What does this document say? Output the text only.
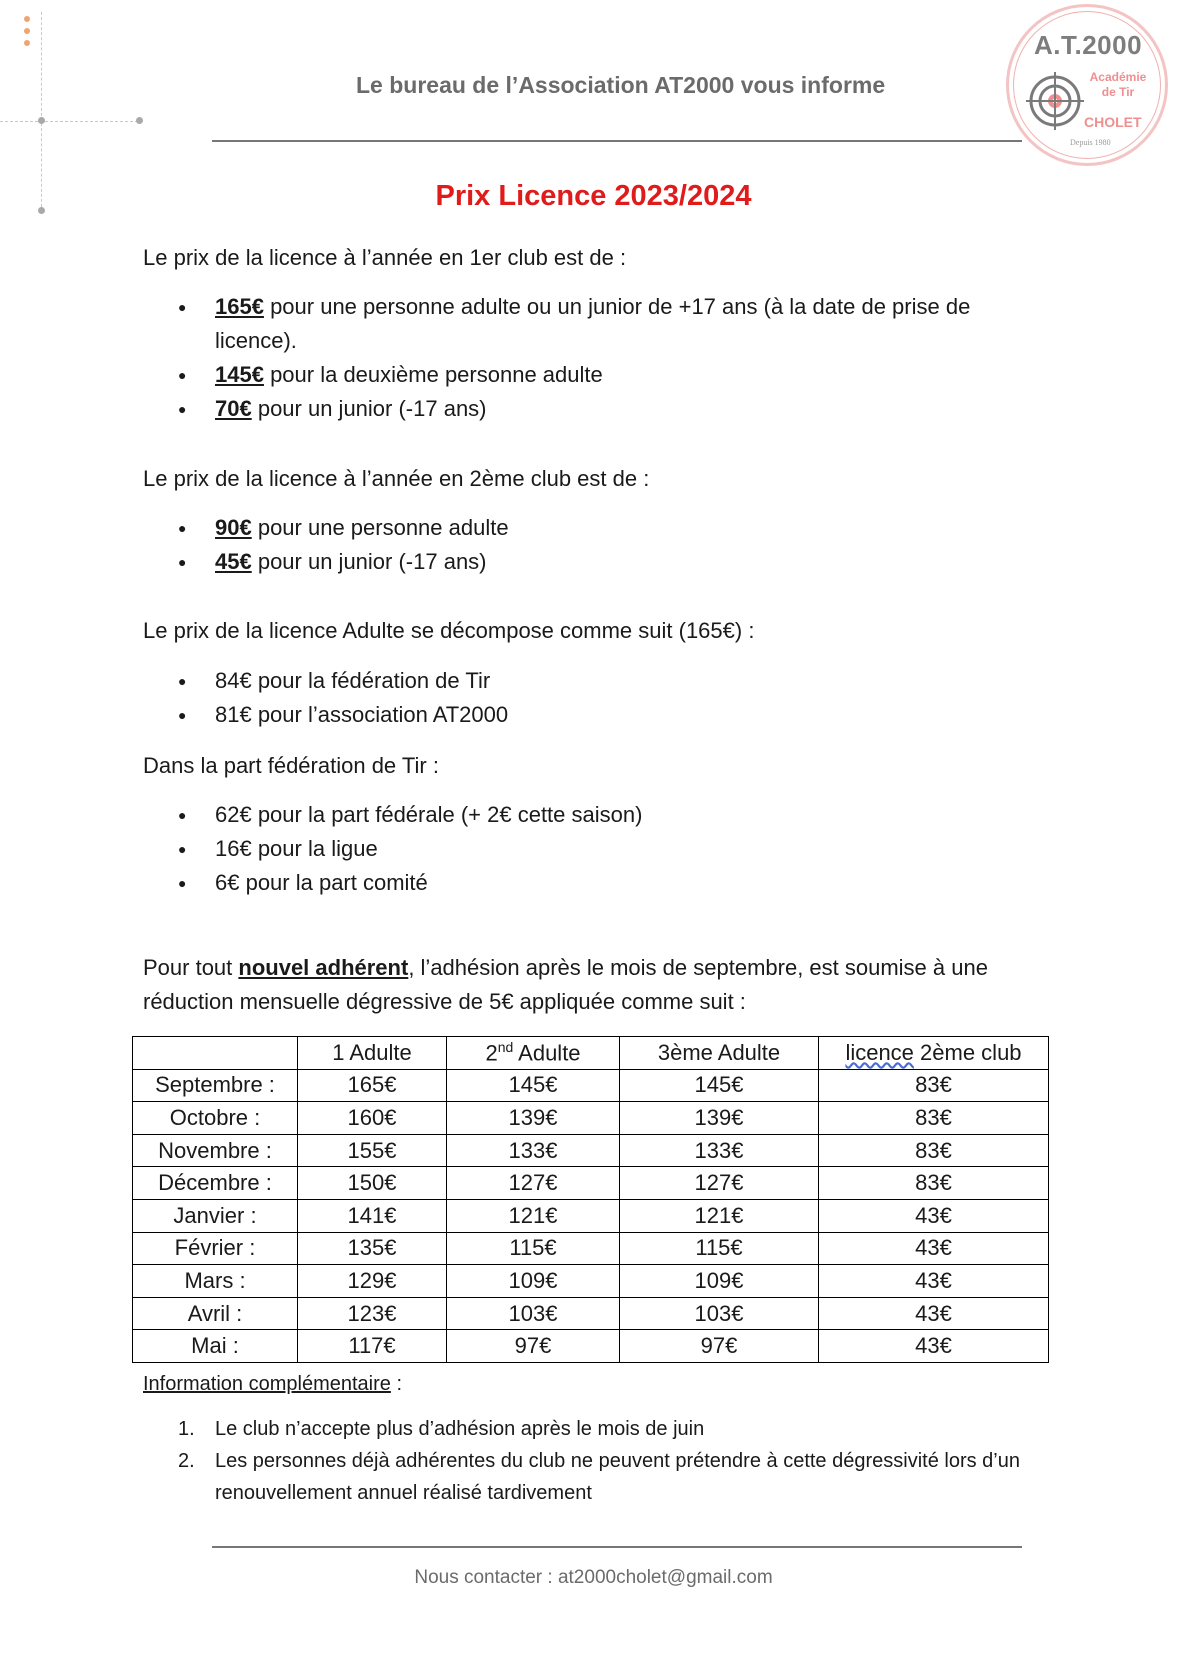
Le bureau de l’Association AT2000 vous informe
A.T.2000
Académie
de Tir
CHOLET
Depuis 1980
Prix Licence 2023/2024
Le prix de la licence à l’année en 1er club est de :
● 165€ pour une personne adulte ou un junior de +17 ans (à la date de prise de licence).
● 145€ pour la deuxième personne adulte
● 70€ pour un junior (-17 ans)
Le prix de la licence à l’année en 2ème club est de :
● 90€ pour une personne adulte
● 45€ pour un junior (-17 ans)
Le prix de la licence Adulte se décompose comme suit (165€) :
● 84€ pour la fédération de Tir
● 81€ pour l’association AT2000
Dans la part fédération de Tir :
● 62€ pour la part fédérale (+ 2€ cette saison)
● 16€ pour la ligue
● 6€ pour la part comité
Pour tout nouvel adhérent, l’adhésion après le mois de septembre, est soumise à une réduction mensuelle dégressive de 5€ appliquée comme suit :
	1 Adulte	2nd Adulte	3ème Adulte	licence 2ème club
Septembre :	165€	145€	145€	83€
Octobre :	160€	139€	139€	83€
Novembre :	155€	133€	133€	83€
Décembre :	150€	127€	127€	83€
Janvier :	141€	121€	121€	43€
Février :	135€	115€	115€	43€
Mars :	129€	109€	109€	43€
Avril :	123€	103€	103€	43€
Mai :	117€	97€	97€	43€
Information complémentaire :
1. Le club n’accepte plus d’adhésion après le mois de juin
2. Les personnes déjà adhérentes du club ne peuvent prétendre à cette dégressivité lors d’un renouvellement annuel réalisé tardivement
Nous contacter : at2000cholet@gmail.com
